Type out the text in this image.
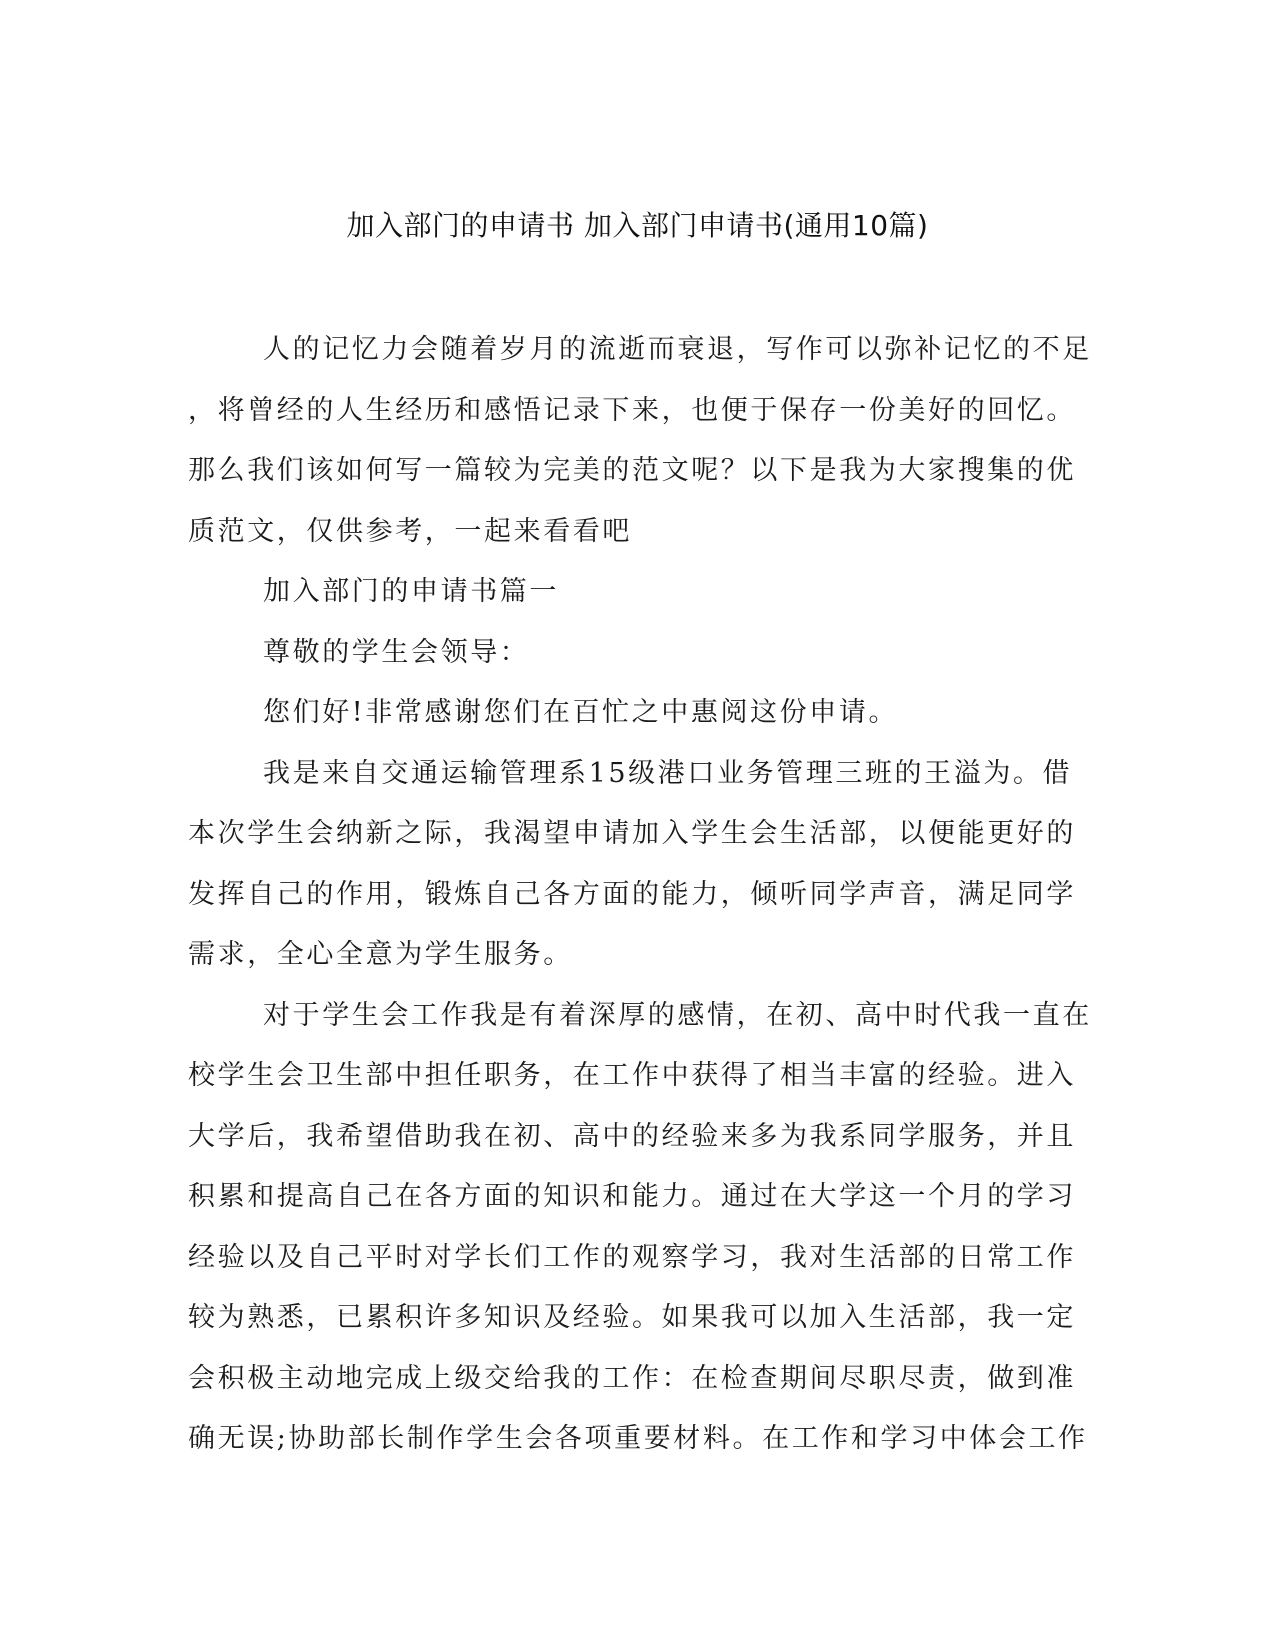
加入部门的申请书 加入部门申请书(通用10篇)
人的记忆力会随着岁月的流逝而衰退，写作可以弥补记忆的不足
，将曾经的人生经历和感悟记录下来，也便于保存一份美好的回忆。
那么我们该如何写一篇较为完美的范文呢？以下是我为大家搜集的优
质范文，仅供参考，一起来看看吧
加入部门的申请书篇一
尊敬的学生会领导：
您们好!非常感谢您们在百忙之中惠阅这份申请。
我是来自交通运输管理系15级港口业务管理三班的王溢为。借
本次学生会纳新之际，我渴望申请加入学生会生活部，以便能更好的
发挥自己的作用，锻炼自己各方面的能力，倾听同学声音，满足同学
需求，全心全意为学生服务。
对于学生会工作我是有着深厚的感情，在初、高中时代我一直在
校学生会卫生部中担任职务，在工作中获得了相当丰富的经验。进入
大学后，我希望借助我在初、高中的经验来多为我系同学服务，并且
积累和提高自己在各方面的知识和能力。通过在大学这一个月的学习
经验以及自己平时对学长们工作的观察学习，我对生活部的日常工作
较为熟悉，已累积许多知识及经验。如果我可以加入生活部，我一定
会积极主动地完成上级交给我的工作：在检查期间尽职尽责，做到准
确无误;协助部长制作学生会各项重要材料。在工作和学习中体会工作
